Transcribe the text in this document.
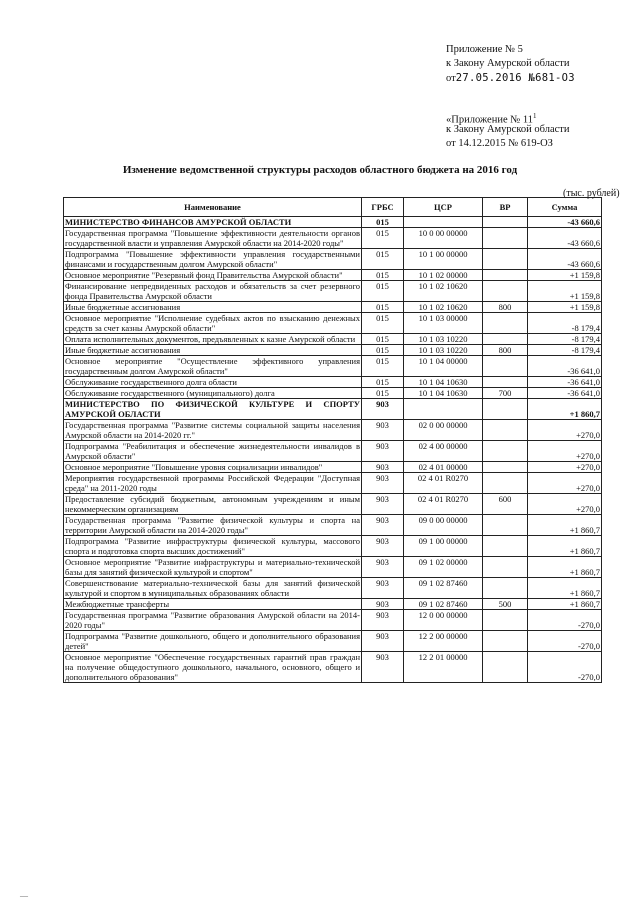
Приложение № 5
к Закону Амурской области
от27.05.2016 №681-ОЗ
«Приложение № $11^1$
к Закону Амурской области
от 14.12.2015 № 619-ОЗ
Изменение ведомственной структуры расходов областного бюджета на 2016 год
(тыс. рублей)
Наименование	ГРБС	ЦСР	ВР	Сумма
МИНИСТЕРСТВО ФИНАНСОВ АМУРСКОЙ ОБЛАСТИ	015			-43 660,6
Государственная программа "Повышение эффективности деятельности органов государственной власти и управления Амурской области на 2014-2020 годы"	015	10 0 00 00000		-43 660,6
Подпрограмма "Повышение эффективности управления государственными финансами и государственным долгом Амурской области"	015	10 1 00 00000		-43 660,6
Основное мероприятие "Резервный фонд Правительства Амурской области"	015	10 1 02 00000		+1 159,8
Финансирование непредвиденных расходов и обязательств за счет резервного фонда Правительства Амурской области	015	10 1 02 10620		+1 159,8
Иные бюджетные ассигнования	015	10 1 02 10620	800	+1 159,8
Основное мероприятие "Исполнение судебных актов по взысканию денежных средств за счет казны Амурской области"	015	10 1 03 00000		-8 179,4
Оплата исполнительных документов, предъявленных к казне Амурской области	015	10 1 03 10220		-8 179,4
Иные бюджетные ассигнования	015	10 1 03 10220	800	-8 179,4
Основное мероприятие "Осуществление эффективного управления государственным долгом Амурской области"	015	10 1 04 00000		-36 641,0
Обслуживание государственного долга области	015	10 1 04 10630		-36 641,0
Обслуживание государственного (муниципального) долга	015	10 1 04 10630	700	-36 641,0
МИНИСТЕРСТВО ПО ФИЗИЧЕСКОЙ КУЛЬТУРЕ И СПОРТУ АМУРСКОЙ ОБЛАСТИ	903			+1 860,7
Государственная программа "Развитие системы социальной защиты населения Амурской области на 2014-2020 гг."	903	02 0 00 00000		+270,0
Подпрограмма "Реабилитация и обеспечение жизнедеятельности инвалидов в Амурской области"	903	02 4 00 00000		+270,0
Основное мероприятие "Повышение уровня социализации инвалидов"	903	02 4 01 00000		+270,0
Мероприятия государственной программы Российской Федерации "Доступная среда" на 2011-2020 годы	903	02 4 01 R0270		+270,0
Предоставление субсидий бюджетным, автономным учреждениям и иным некоммерческим организациям	903	02 4 01 R0270	600	+270,0
Государственная программа "Развитие физической культуры и спорта на территории Амурской области на 2014-2020 годы"	903	09 0 00 00000		+1 860,7
Подпрограмма "Развитие инфраструктуры физической культуры, массового спорта и подготовка спорта высших достижений"	903	09 1 00 00000		+1 860,7
Основное мероприятие "Развитие инфраструктуры и материально-технической базы для занятий физической культурой и спортом"	903	09 1 02 00000		+1 860,7
Совершенствование материально-технической базы для занятий физической культурой и спортом в муниципальных образованиях области	903	09 1 02 87460		+1 860,7
Межбюджетные трансферты	903	09 1 02 87460	500	+1 860,7
Государственная программа "Развитие образования Амурской области на 2014-2020 годы"	903	12 0 00 00000		-270,0
Подпрограмма "Развитие дошкольного, общего и дополнительного образования детей"	903	12 2 00 00000		-270,0
Основное мероприятие "Обеспечение государственных гарантий прав граждан на получение общедоступного дошкольного, начального, основного, общего и дополнительного образования"	903	12 2 01 00000		-270,0
—
